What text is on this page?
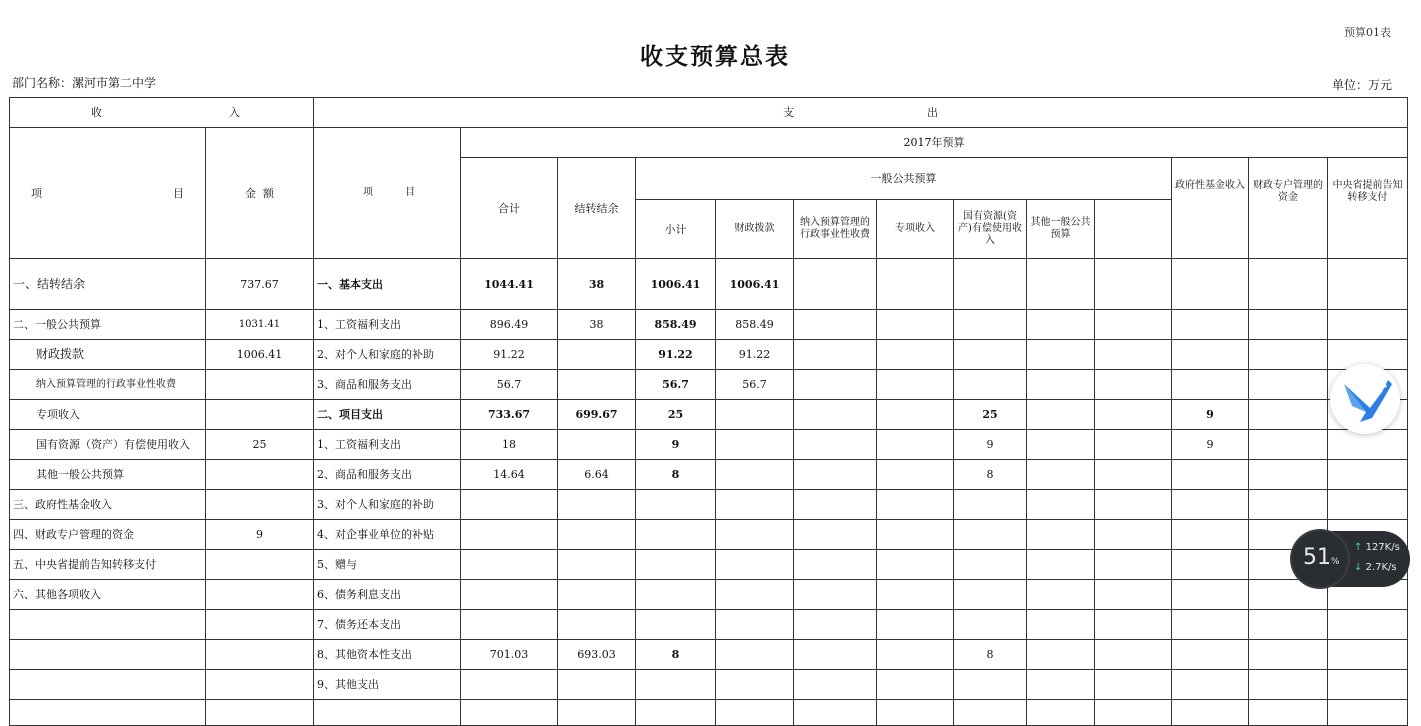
预算01表
收支预算总表
部门名称：漯河市第二中学	单位：万元
收 入		支 出													

项 目	金  额	项 目	2017年预算												
			合计	结转结余	一般公共预算							政府性基金收入	财政专户管理的资金	中央省提前告知转移支付	
					小计	财政拨款	纳入预算管理的行政事业性收费	专项收入	国有资源(资产)有偿使用收入	其他一般公共预算				
一、结转结余	737.67	一、基本支出	1044.41	38	1006.41	1006.41									
二、一般公共预算	1031.41	1、工资福利支出	896.49	38	858.49	858.49									
财政拨款	1006.41	2、对个人和家庭的补助	91.22		91.22	91.22									
纳入预算管理的行政事业性收费		3、商品和服务支出	56.7		56.7	56.7									
专项收入		二、项目支出	733.67	699.67	25				25			9			
国有资源（资产）有偿使用收入	25	1、工资福利支出	18		9				9			9			
其他一般公共预算		2、商品和服务支出	14.64	6.64	8				8						
三、政府性基金收入		3、对个人和家庭的补助													
四、财政专户管理的资金	9	4、对企事业单位的补贴													
五、中央省提前告知转移支付		5、赠与													
六、其他各项收入		6、债务利息支出													
		7、债务还本支出													
		8、其他资本性支出	701.03	693.03	8				8						
		9、其他支出													

51%
↑ 127K/s
↓ 2.7K/s
